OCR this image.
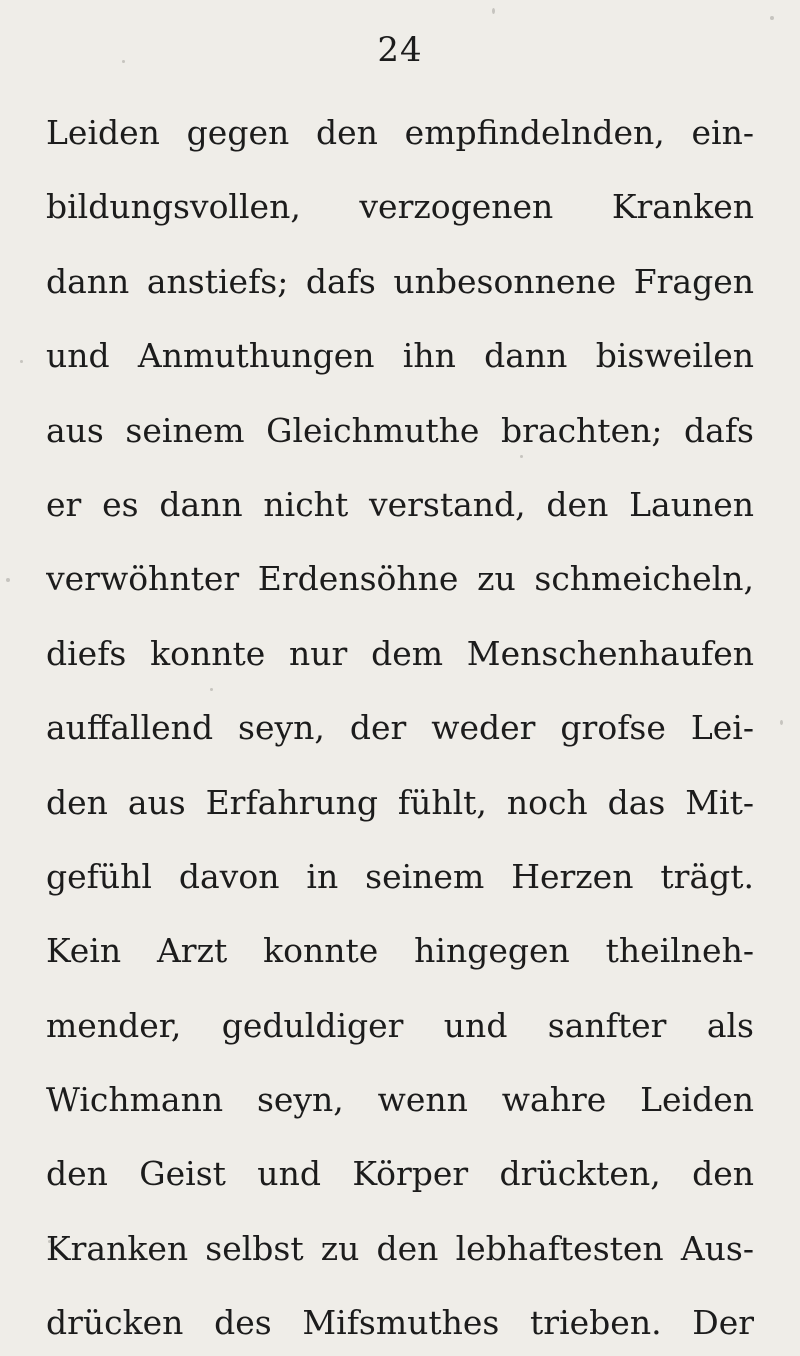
24
Leiden gegen den empfindelnden, ein-
bildungsvollen, verzogenen Kranken
dann anstiefs; dafs unbesonnene Fragen
und Anmuthungen ihn dann bisweilen
aus seinem Gleichmuthe brachten; dafs
er es dann nicht verstand, den Launen
verwöhnter Erdensöhne zu schmeicheln,
diefs konnte nur dem Menschenhaufen
auffallend seyn, der weder grofse Lei-
den aus Erfahrung fühlt, noch das Mit-
gefühl davon in seinem Herzen trägt.
Kein Arzt konnte hingegen theilneh-
mender, geduldiger und sanfter als
Wichmann seyn, wenn wahre Leiden
den Geist und Körper drückten, den
Kranken selbst zu den lebhaftesten Aus-
drücken des Mifsmuthes trieben. Der
